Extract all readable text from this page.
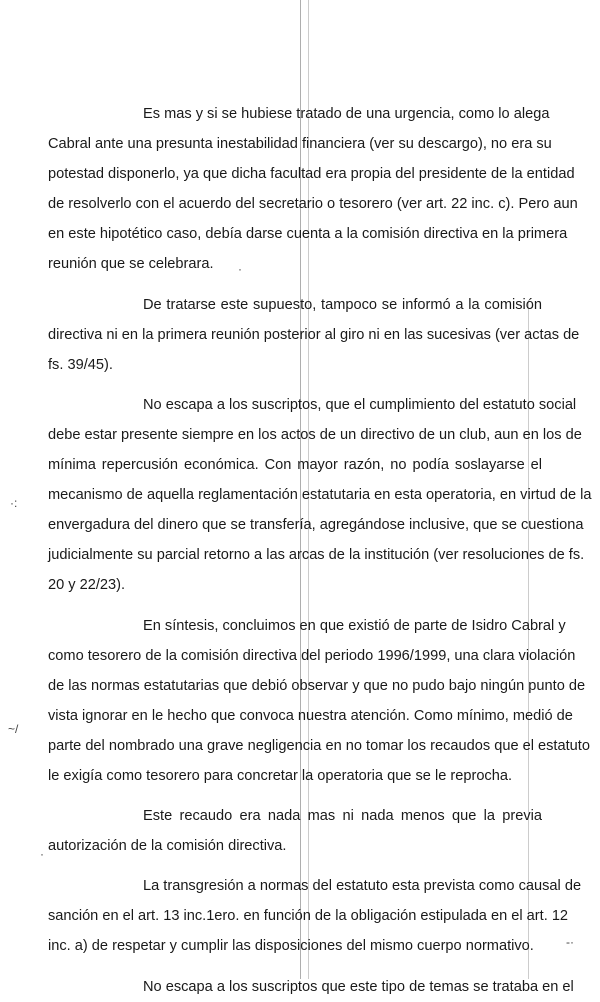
·:
~/
·
·
-·
Es mas y si se hubiese tratado de una urgencia, como lo alega
Cabral ante una presunta inestabilidad financiera (ver su descargo), no era su
potestad disponerlo, ya que dicha facultad era propia del presidente de la entidad
de resolverlo con el acuerdo del secretario o tesorero (ver art. 22 inc. c). Pero aun
en este hipotético caso, debía darse cuenta a la comisión directiva en la primera
reunión que se celebrara.
De tratarse este supuesto, tampoco se informó a la comisión
directiva ni en la primera reunión posterior al giro ni en las sucesivas (ver actas de
fs. 39/45).
No escapa a los suscriptos, que el cumplimiento del estatuto social
debe estar presente siempre en los actos de un directivo de un club, aun en los de
mínima repercusión económica. Con mayor razón, no podía soslayarse el
mecanismo de aquella reglamentación estatutaria en esta operatoria, en virtud de la
envergadura del dinero que se transfería, agregándose inclusive, que se cuestiona
judicialmente su parcial retorno a las arcas de la institución (ver resoluciones de fs.
20 y 22/23).
En síntesis, concluimos en que existió de parte de Isidro Cabral y
como tesorero de la comisión directiva del periodo 1996/1999, una clara violación
de las normas estatutarias que debió observar y que no pudo bajo ningún punto de
vista ignorar en le hecho que convoca nuestra atención. Como mínimo, medió de
parte del nombrado una grave negligencia en no tomar los recaudos que el estatuto
le exigía como tesorero para concretar la operatoria que se le reprocha.
Este recaudo era nada mas ni nada menos que la previa
autorización de la comisión directiva.
La transgresión a normas del estatuto esta prevista como causal de
sanción en el art. 13 inc.1ero. en función de la obligación estipulada en el art. 12
inc. a) de respetar y cumplir las disposiciones del mismo cuerpo normativo.
No escapa a los suscriptos que este tipo de temas se trataba en el
